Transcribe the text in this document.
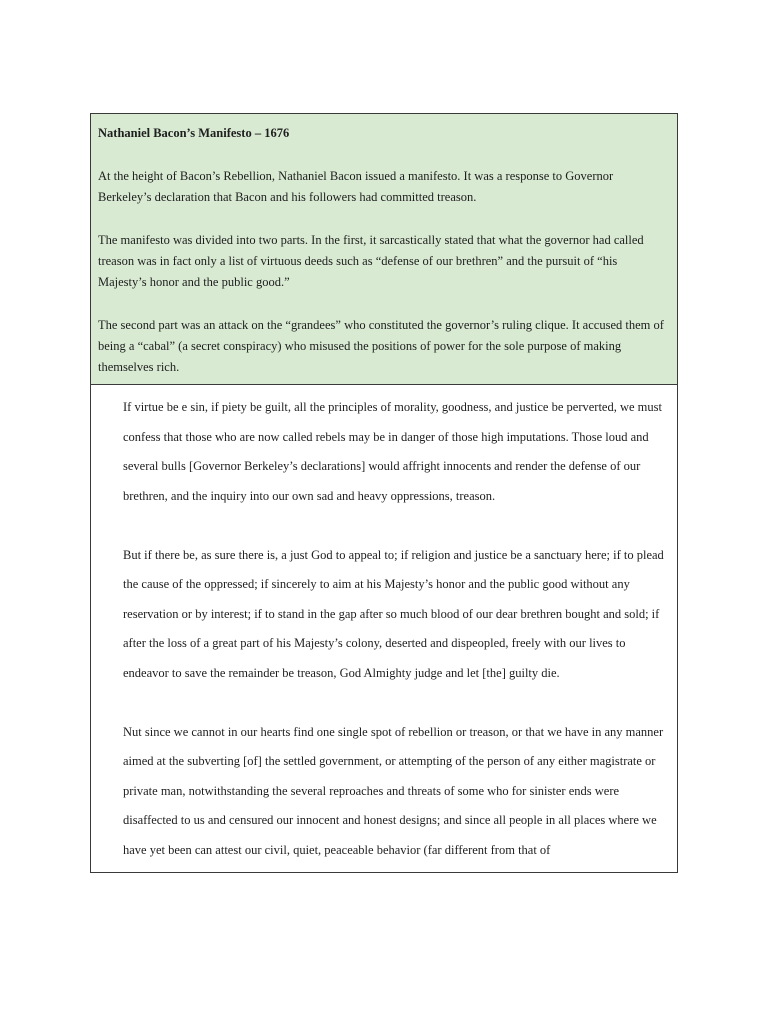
Nathaniel Bacon’s Manifesto – 1676

At the height of Bacon’s Rebellion, Nathaniel Bacon issued a manifesto. It was a response to Governor Berkeley’s declaration that Bacon and his followers had committed treason.

The manifesto was divided into two parts. In the first, it sarcastically stated that what the governor had called treason was in fact only a list of virtuous deeds such as “defense of our brethren” and the pursuit of “his Majesty’s honor and the public good.”

The second part was an attack on the “grandees” who constituted the governor’s ruling clique. It accused them of being a “cabal” (a secret conspiracy) who misused the positions of power for the sole purpose of making themselves rich.

If virtue be e sin, if piety be guilt, all the principles of morality, goodness, and justice be perverted, we must confess that those who are now called rebels may be in danger of those high imputations. Those loud and several bulls [Governor Berkeley’s declarations] would affright innocents and render the defense of our brethren, and the inquiry into our own sad and heavy oppressions, treason.

But if there be, as sure there is, a just God to appeal to; if religion and justice be a sanctuary here; if to plead the cause of the oppressed; if sincerely to aim at his Majesty’s honor and the public good without any reservation or by interest; if to stand in the gap after so much blood of our dear brethren bought and sold; if after the loss of a great part of his Majesty’s colony, deserted and dispeopled, freely with our lives to endeavor to save the remainder be treason, God Almighty judge and let [the] guilty die.

Nut since we cannot in our hearts find one single spot of rebellion or treason, or that we have in any manner aimed at the subverting [of] the settled government, or attempting of the person of any either magistrate or private man, notwithstanding the several reproaches and threats of some who for sinister ends were disaffected to us and censured our innocent and honest designs; and since all people in all places where we have yet been can attest our civil, quiet, peaceable behavior (far different from that of
